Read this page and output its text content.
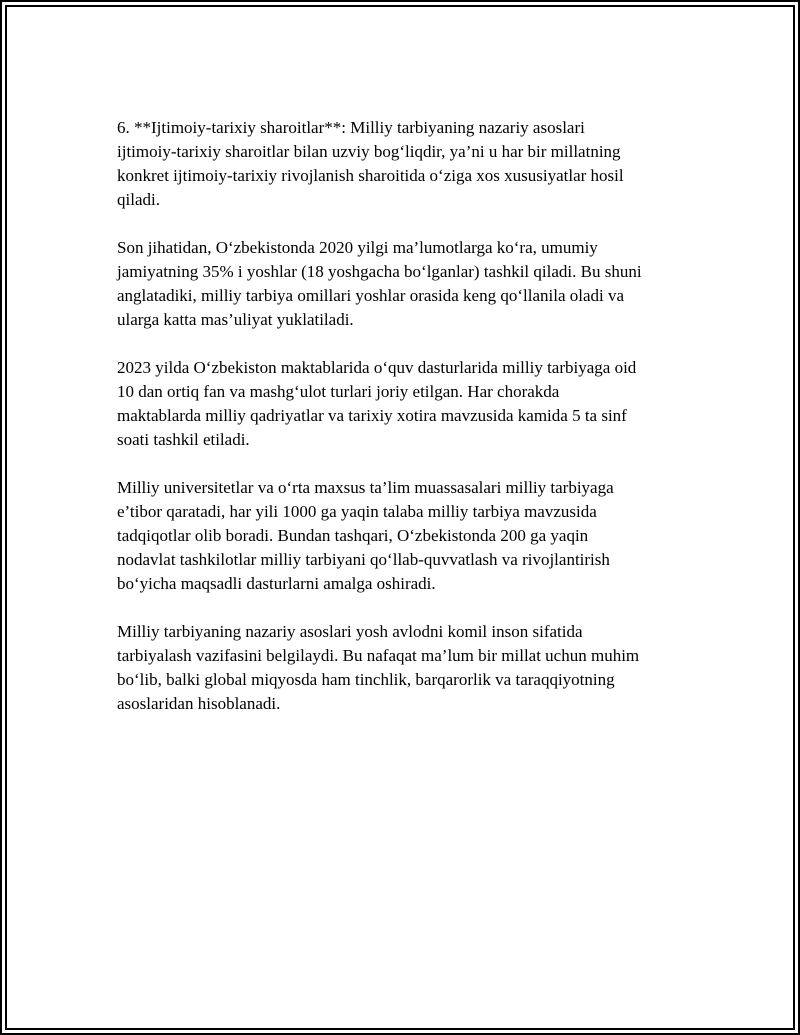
6. **Ijtimoiy-tarixiy sharoitlar**: Milliy tarbiyaning nazariy asoslari
ijtimoiy-tarixiy sharoitlar bilan uzviy bog‘liqdir, ya’ni u har bir millatning
konkret ijtimoiy-tarixiy rivojlanish sharoitida o‘ziga xos xususiyatlar hosil
qiladi.

Son jihatidan, O‘zbekistonda 2020 yilgi ma’lumotlarga ko‘ra, umumiy
jamiyatning 35% i yoshlar (18 yoshgacha bo‘lganlar) tashkil qiladi. Bu shuni
anglatadiki, milliy tarbiya omillari yoshlar orasida keng qo‘llanila oladi va
ularga katta mas’uliyat yuklatiladi.

2023 yilda O‘zbekiston maktablarida o‘quv dasturlarida milliy tarbiyaga oid
10 dan ortiq fan va mashg‘ulot turlari joriy etilgan. Har chorakda
maktablarda milliy qadriyatlar va tarixiy xotira mavzusida kamida 5 ta sinf
soati tashkil etiladi.

Milliy universitetlar va o‘rta maxsus ta’lim muassasalari milliy tarbiyaga
e’tibor qaratadi, har yili 1000 ga yaqin talaba milliy tarbiya mavzusida
tadqiqotlar olib boradi. Bundan tashqari, O‘zbekistonda 200 ga yaqin
nodavlat tashkilotlar milliy tarbiyani qo‘llab-quvvatlash va rivojlantirish
bo‘yicha maqsadli dasturlarni amalga oshiradi.

Milliy tarbiyaning nazariy asoslari yosh avlodni komil inson sifatida
tarbiyalash vazifasini belgilaydi. Bu nafaqat ma’lum bir millat uchun muhim
bo‘lib, balki global miqyosda ham tinchlik, barqarorlik va taraqqiyotning
asoslaridan hisoblanadi.
